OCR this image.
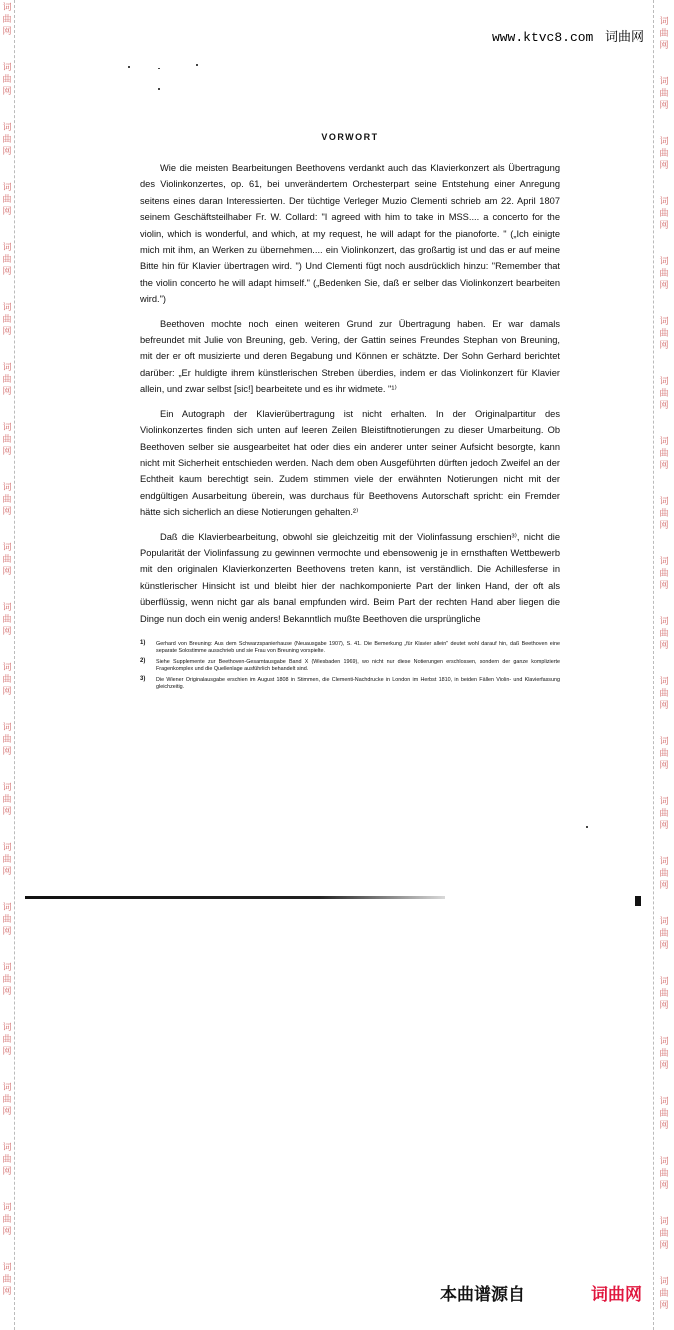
词
曲
网
词
曲
网
词
曲
网
词
曲
网
词
曲
网
词
曲
网
词
曲
网
词
曲
网
词
曲
网
词
曲
网
词
曲
网
词
曲
网
词
曲
网
词
曲
网
词
曲
网
词
曲
网
词
曲
网
词
曲
网
词
曲
网
词
曲
网
词
曲
网
词
曲
网
词
曲
网
词
曲
网
词
曲
网
词
曲
网
词
曲
网
词
曲
网
词
曲
网
词
曲
网
词
曲
网
词
曲
网
词
曲
网
词
曲
网
词
曲
网
词
曲
网
词
曲
网
词
曲
网
词
曲
网
词
曲
网
词
曲
网
词
曲
网
词
曲
网
词
曲
网
www.ktvc8.com 词曲网
VORWORT

Wie die meisten Bearbeitungen Beethovens verdankt auch das Klavierkonzert als Übertragung des Violinkonzertes, op. 61, bei unverändertem Orchesterpart seine Entstehung einer Anregung seitens eines daran Interessierten. Der tüchtige Verleger Muzio Clementi schrieb am 22. April 1807 seinem Geschäftsteilhaber Fr. W. Collard: "I agreed with him to take in MSS.... a concerto for the violin, which is wonderful, and which, at my request, he will adapt for the pianoforte. " („Ich einigte mich mit ihm, an Werken zu übernehmen.... ein Violinkonzert, das großartig ist und das er auf meine Bitte hin für Klavier übertragen wird. ") Und Clementi fügt noch ausdrücklich hinzu: "Remember that the violin concerto he will adapt himself." („Bedenken Sie, daß er selber das Violinkonzert bearbeiten wird.")

Beethoven mochte noch einen weiteren Grund zur Übertragung haben. Er war damals befreundet mit Julie von Breuning, geb. Vering, der Gattin seines Freundes Stephan von Breuning, mit der er oft musizierte und deren Begabung und Können er schätzte. Der Sohn Gerhard berichtet darüber: „Er huldigte ihrem künstlerischen Streben überdies, indem er das Violinkonzert für Klavier allein, und zwar selbst [sic!] bearbeitete und es ihr widmete. "¹⁾

Ein Autograph der Klavierübertragung ist nicht erhalten. In der Originalpartitur des Violinkonzertes finden sich unten auf leeren Zeilen Bleistiftnotierungen zu dieser Umarbeitung. Ob Beethoven selber sie ausgearbeitet hat oder dies ein anderer unter seiner Aufsicht besorgte, kann nicht mit Sicherheit entschieden werden. Nach dem oben Ausgeführten dürften jedoch Zweifel an der Echtheit kaum berechtigt sein. Zudem stimmen viele der erwähnten Notierungen nicht mit der endgültigen Ausarbeitung überein, was durchaus für Beethovens Autorschaft spricht: ein Fremder hätte sich sicherlich an diese Notierungen gehalten.²⁾

Daß die Klavierbearbeitung, obwohl sie gleichzeitig mit der Violinfassung erschien³⁾, nicht die Popularität der Violinfassung zu gewinnen vermochte und ebensowenig je in ernsthaften Wettbewerb mit den originalen Klavierkonzerten Beethovens treten kann, ist verständlich. Die Achillesferse in künstlerischer Hinsicht ist und bleibt hier der nachkomponierte Part der linken Hand, der oft als überflüssig, wenn nicht gar als banal empfunden wird. Beim Part der rechten Hand aber liegen die Dinge nun doch ein wenig anders! Bekanntlich mußte Beethoven die ursprüngliche

1) Gerhard von Breuning: Aus dem Schwarzspanierhause (Neuausgabe 1907), S. 41. Die Bemerkung „für Klavier allein" deutet wohl darauf hin, daß Beethoven eine separate Solostimme ausschrieb und sie Frau von Breuning vorspielte.
2) Siehe Supplemente zur Beethoven-Gesamtausgabe Band X (Wiesbaden 1969), wo nicht nur diese Notierungen erschlossen, sondern der ganze komplizierte Fragenkomplex und die Quellenlage ausführlich behandelt sind.
3) Die Wiener Originalausgabe erschien im August 1808 in Stimmen, die Clementi-Nachdrucke in London im Herbst 1810, in beiden Fällen Violin- und Klavierfassung gleichzeitig.
本曲谱源自	词曲网
